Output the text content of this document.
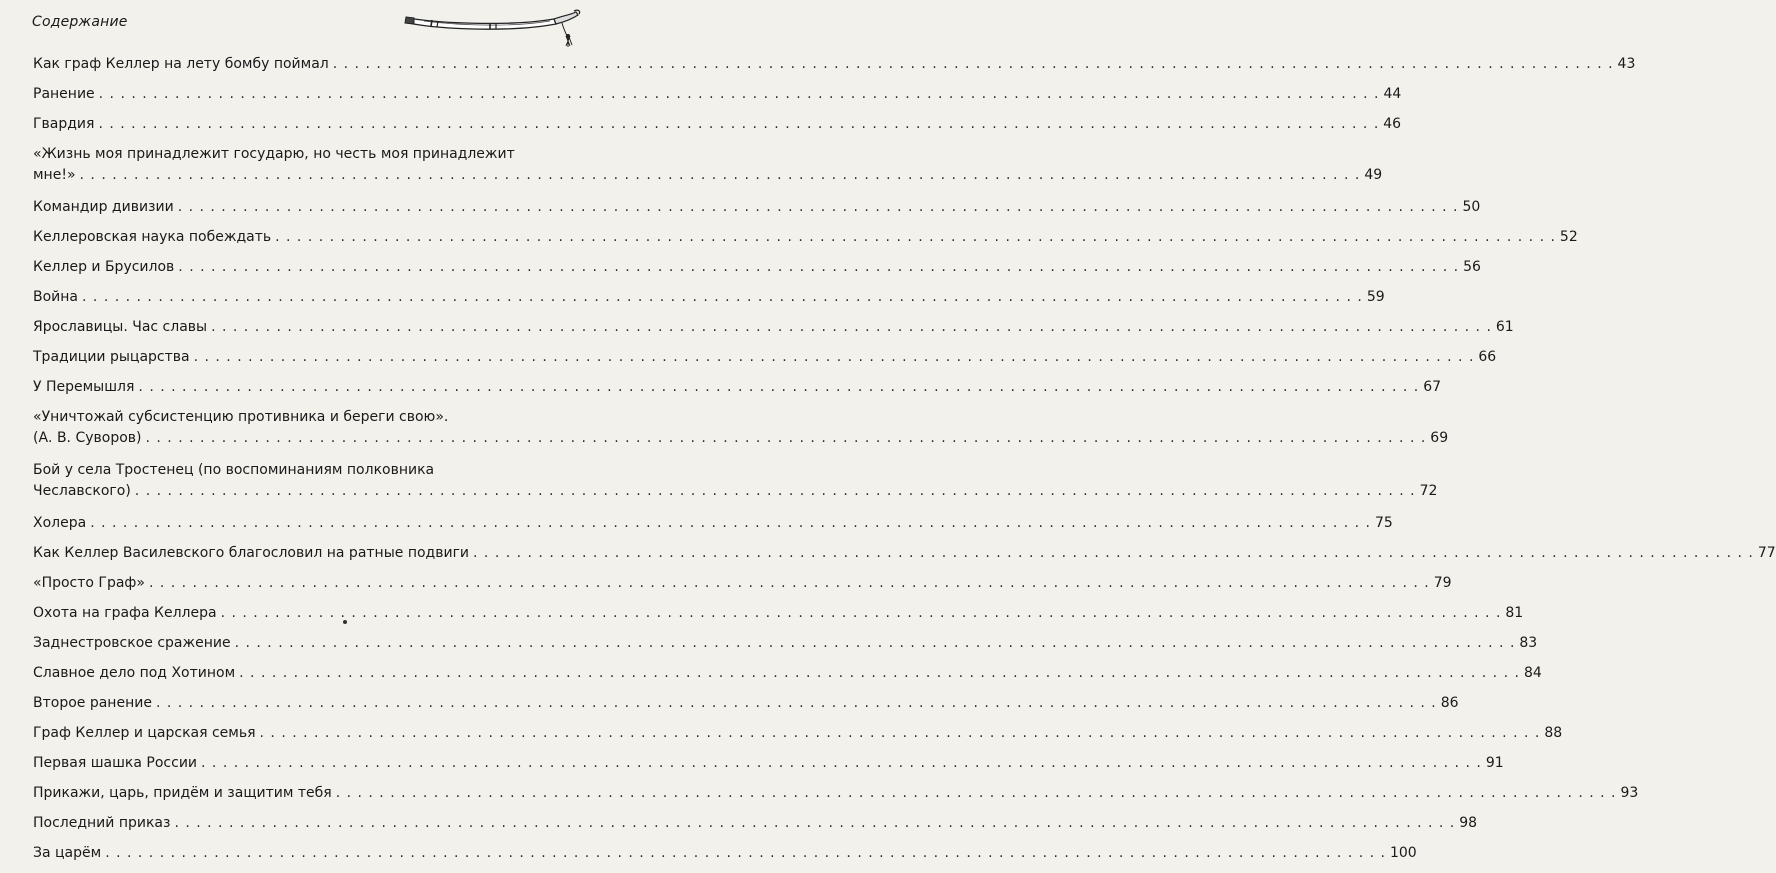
Содержание
Как граф Келлер на лету бомбу поймал . . .	43
Ранение . . .	44
Гвардия . . .	46
«Жизнь моя принадлежит государю, но честь моя принадлежит
мне!» . . .	49
Командир дивизии . . .	50
Келлеровская наука побеждать . . .	52
Келлер и Брусилов . . .	56
Война . . .	59
Ярославицы. Час славы . . .	61
Традиции рыцарства . . .	66
У Перемышля . . .	67
«Уничтожай субсистенцию противника и береги свою».
(А. В. Суворов) . . .	69
Бой у села Тростенец (по воспоминаниям полковника
Чеславского) . . .	72
Холера . . .	75
Как Келлер Василевского благословил на ратные подвиги . . .	77
«Просто Граф» . . .	79
Охота на графа Келлера . . .	81
Заднестровское сражение . . .	83
Славное дело под Хотином . . .	84
Второе ранение . . .	86
Граф Келлер и царская семья . . .	88
Первая шашка России . . .	91
Прикажи, царь, придём и защитим тебя . . .	93
Последний приказ . . .	98
За царём . . .	100
